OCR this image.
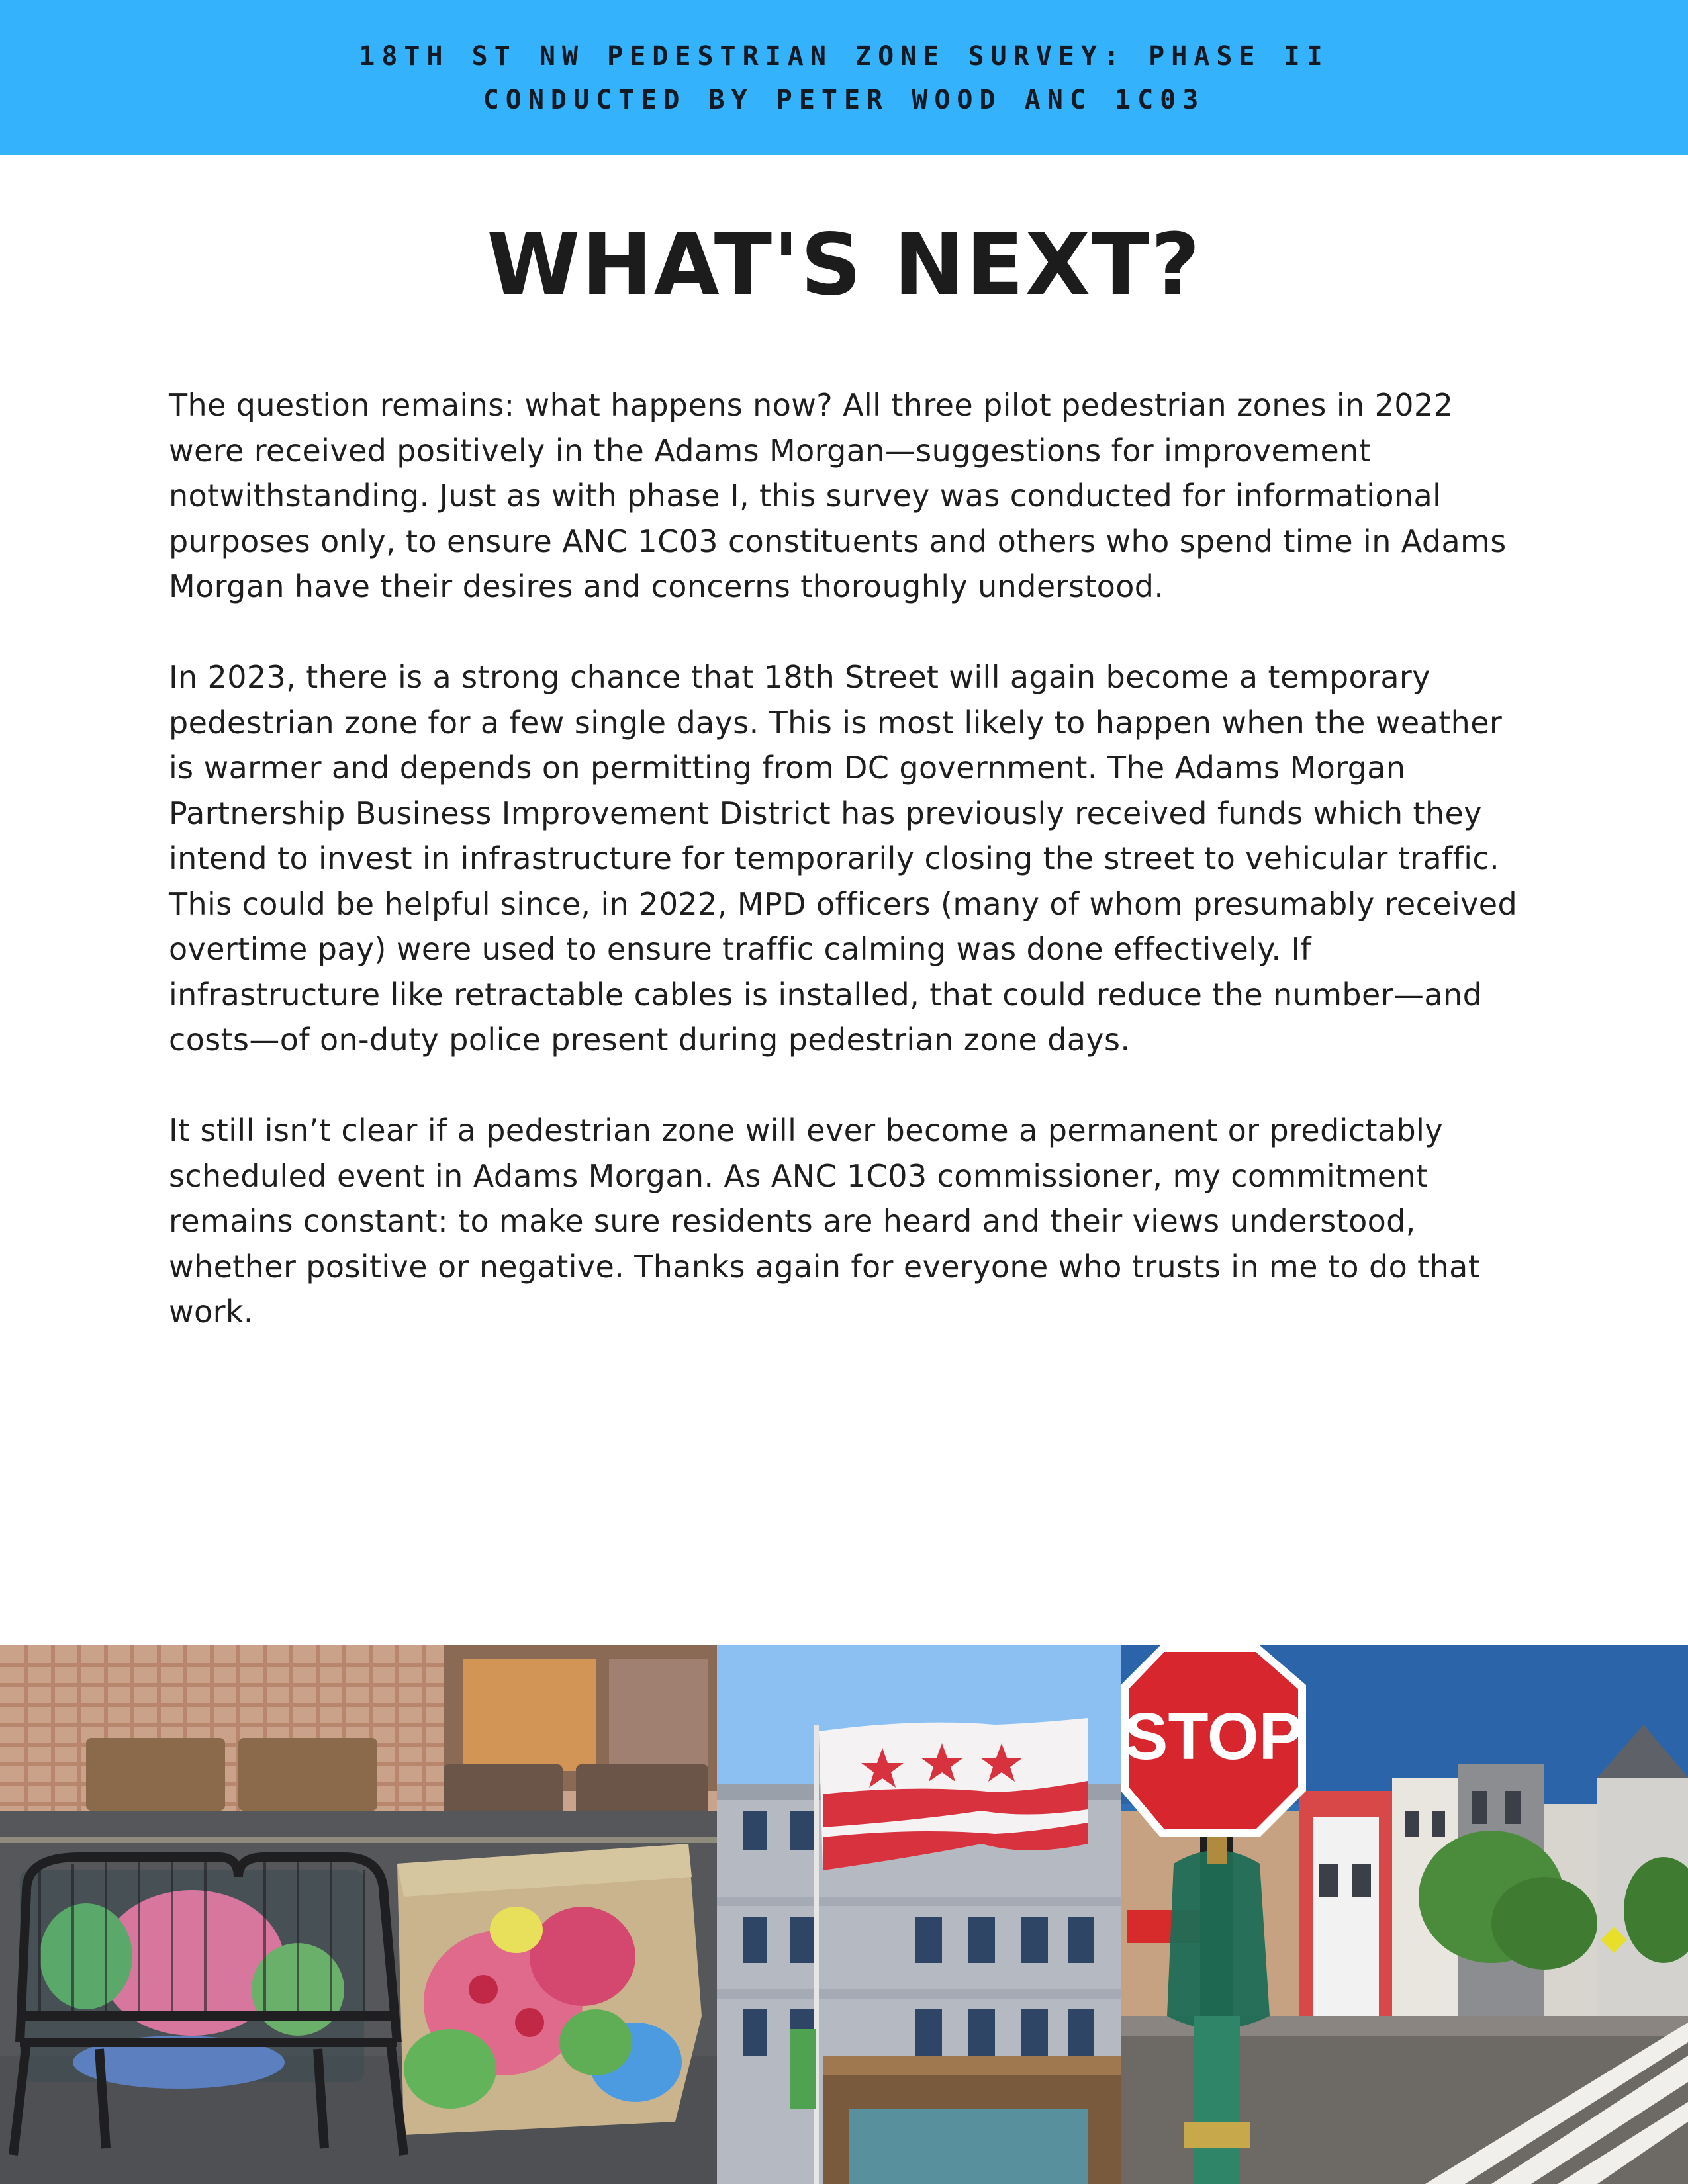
18TH ST NW PEDESTRIAN ZONE SURVEY: PHASE II
CONDUCTED BY PETER WOOD ANC 1C03
WHAT'S NEXT?

The question remains: what happens now? All three pilot pedestrian zones in 2022 were received positively in the Adams Morgan—suggestions for improvement notwithstanding. Just as with phase I, this survey was conducted for informational purposes only, to ensure ANC 1C03 constituents and others who spend time in Adams Morgan have their desires and concerns thoroughly understood.

In 2023, there is a strong chance that 18th Street will again become a temporary pedestrian zone for a few single days. This is most likely to happen when the weather is warmer and depends on permitting from DC government. The Adams Morgan Partnership Business Improvement District has previously received funds which they intend to invest in infrastructure for temporarily closing the street to vehicular traffic. This could be helpful since, in 2022, MPD officers (many of whom presumably received overtime pay) were used to ensure traffic calming was done effectively. If infrastructure like retractable cables is installed, that could reduce the number—and costs—of on-duty police present during pedestrian zone days.

It still isn’t clear if a pedestrian zone will ever become a permanent or predictably scheduled event in Adams Morgan. As ANC 1C03 commissioner, my commitment remains constant: to make sure residents are heard and their views understood, whether positive or negative. Thanks again for everyone who trusts in me to do that work.

STOP
